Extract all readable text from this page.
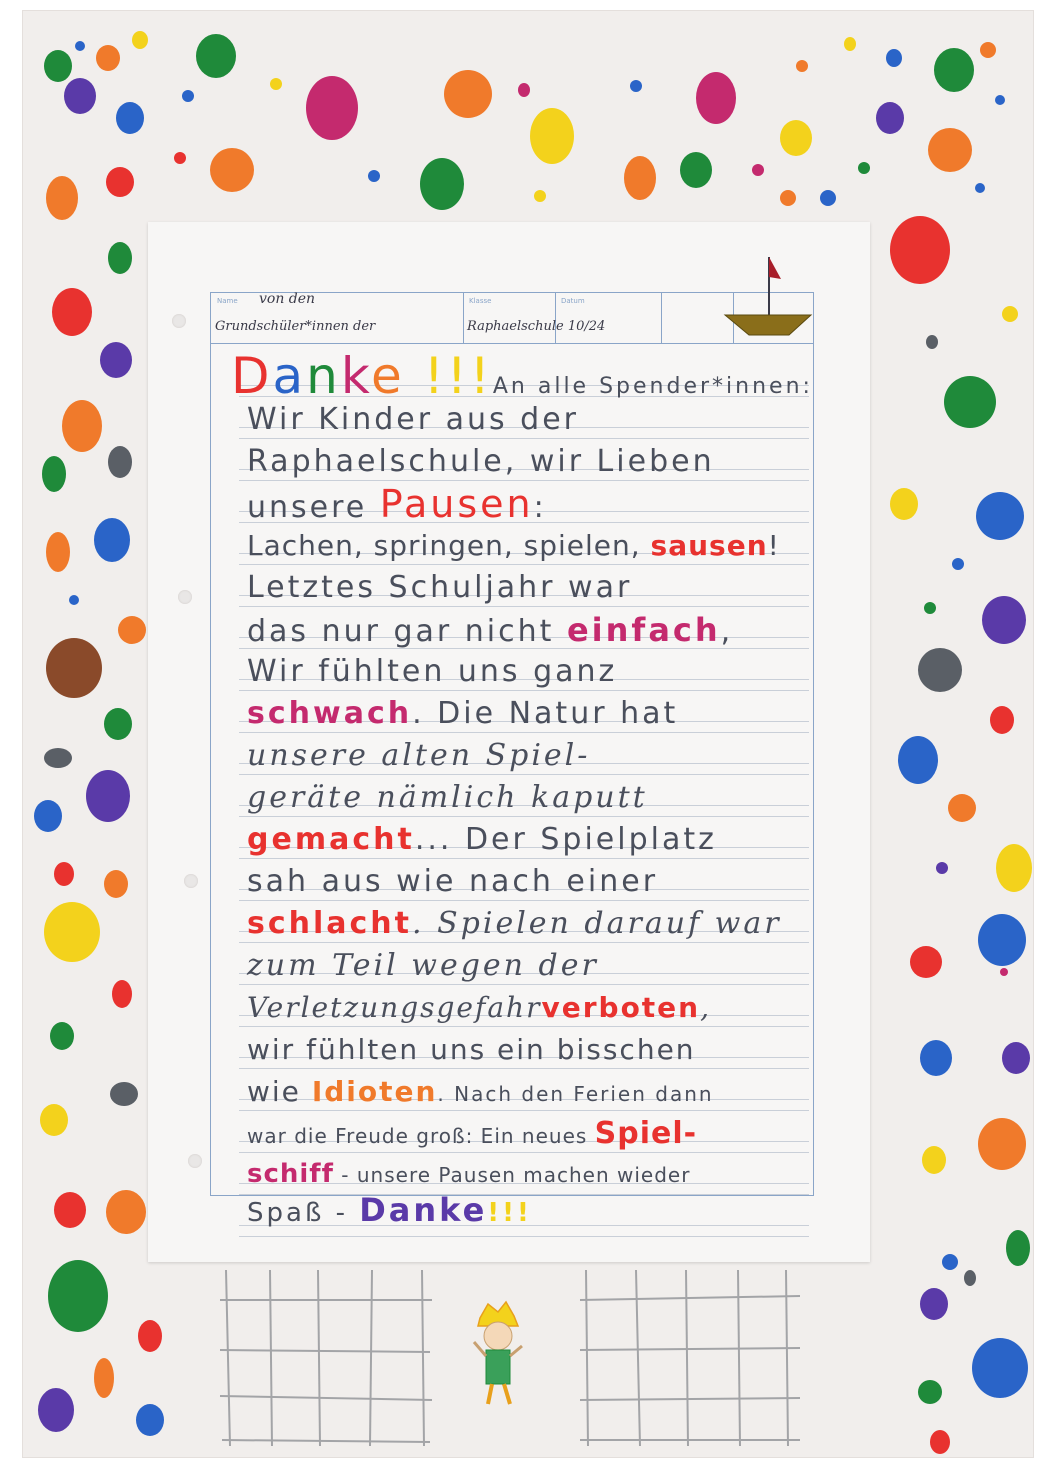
Name von den
Grundschüler*innen der
Klasse	Datum
Raphaelschule 10/24
Danke !!!An alle Spender*innen:
Wir Kinder aus der
Raphaelschule, wir Lieben
unsere Pausen:
Lachen, springen, spielen, sausen!
Letztes Schuljahr war
das nur gar nicht einfach,
Wir fühlten uns ganz
schwach. Die Natur hat
unsere alten Spiel-
geräte nämlich kaputt
gemacht... Der Spielplatz
sah aus wie nach einer
schlacht. Spielen darauf war
zum Teil wegen der
Verletzungsgefahrverboten,
wir fühlten uns ein bisschen
wie Idioten. Nach den Ferien dann
war die Freude groß: Ein neues Spiel-
schiff - unsere Pausen machen wieder
Spaß - Danke!!!
